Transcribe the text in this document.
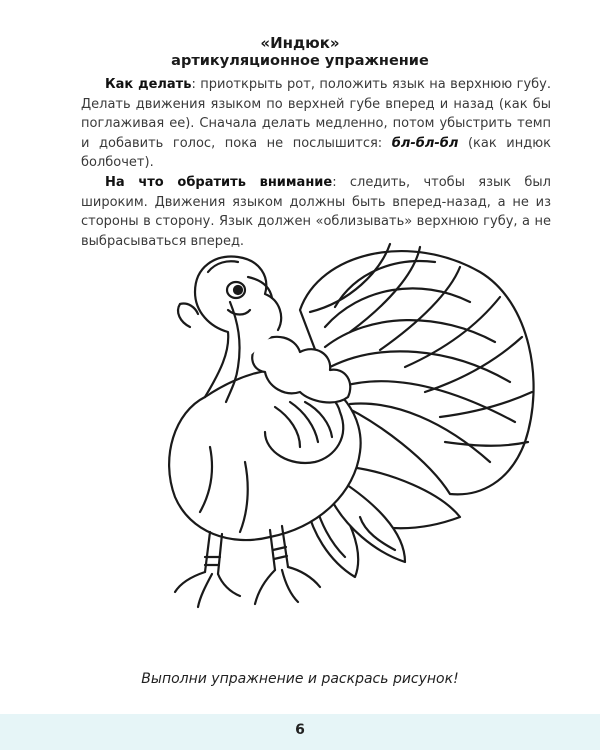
«Индюк»
артикуляционное упражнение

Как делать: приоткрыть рот, положить язык на верхнюю губу. Делать движения языком по верхней губе вперед и назад (как бы поглаживая ее). Сначала делать медленно, потом убыстрить темп и добавить голос, пока не послышится: бл-бл-бл (как индюк болбочет).

На что обратить внимание: следить, чтобы язык был широким. Движения языком должны быть вперед-назад, а не из стороны в сторону. Язык должен «облизывать» верхнюю губу, а не выбрасываться вперед.

Выполни упражнение и раскрась рисунок!
6
